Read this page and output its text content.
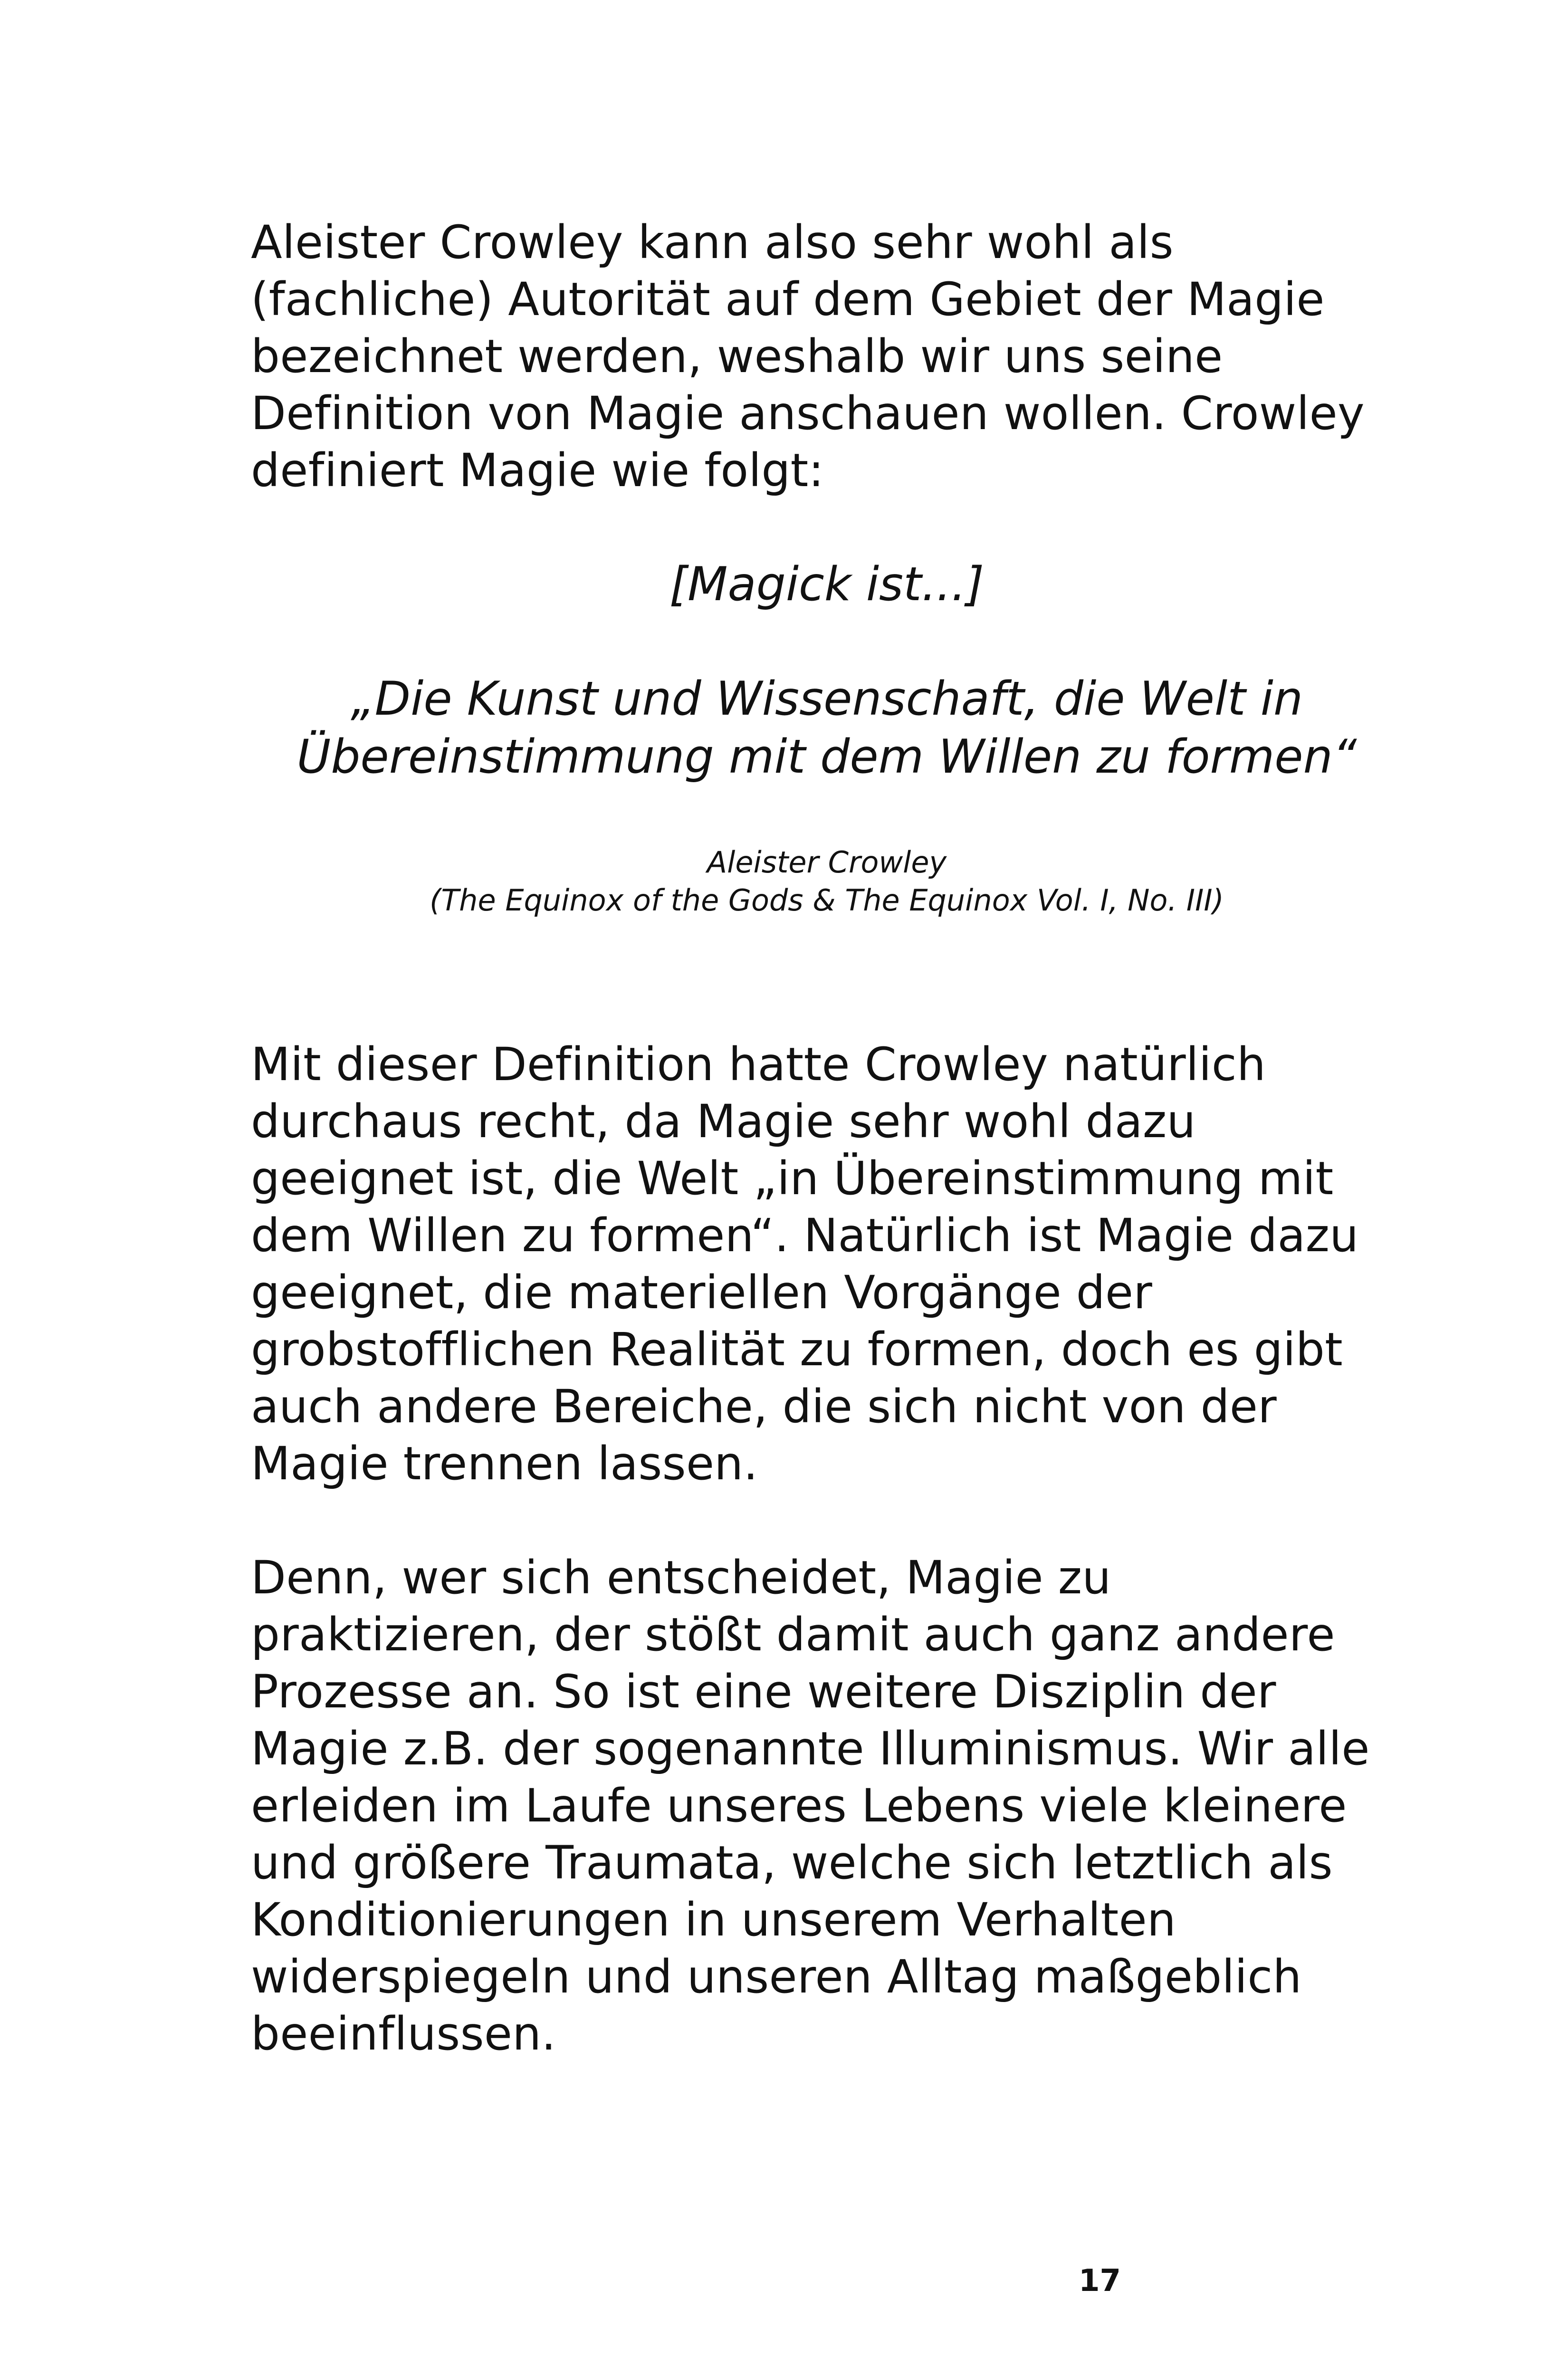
Aleister Crowley kann also sehr wohl als
(fachliche) Autorität auf dem Gebiet der Magie
bezeichnet werden, weshalb wir uns seine
Definition von Magie anschauen wollen. Crowley
definiert Magie wie folgt:

[Magick ist...]
„Die Kunst und Wissenschaft, die Welt in
Übereinstimmung mit dem Willen zu formen“
Aleister Crowley
(The Equinox of the Gods & The Equinox Vol. I, No. III)

Mit dieser Definition hatte Crowley natürlich
durchaus recht, da Magie sehr wohl dazu
geeignet ist, die Welt „in Übereinstimmung mit
dem Willen zu formen“. Natürlich ist Magie dazu
geeignet, die materiellen Vorgänge der
grobstofflichen Realität zu formen, doch es gibt
auch andere Bereiche, die sich nicht von der
Magie trennen lassen.

Denn, wer sich entscheidet, Magie zu
praktizieren, der stößt damit auch ganz andere
Prozesse an. So ist eine weitere Disziplin der
Magie z.B. der sogenannte Illuminismus. Wir alle
erleiden im Laufe unseres Lebens viele kleinere
und größere Traumata, welche sich letztlich als
Konditionierungen in unserem Verhalten
widerspiegeln und unseren Alltag maßgeblich
beeinflussen.

17
